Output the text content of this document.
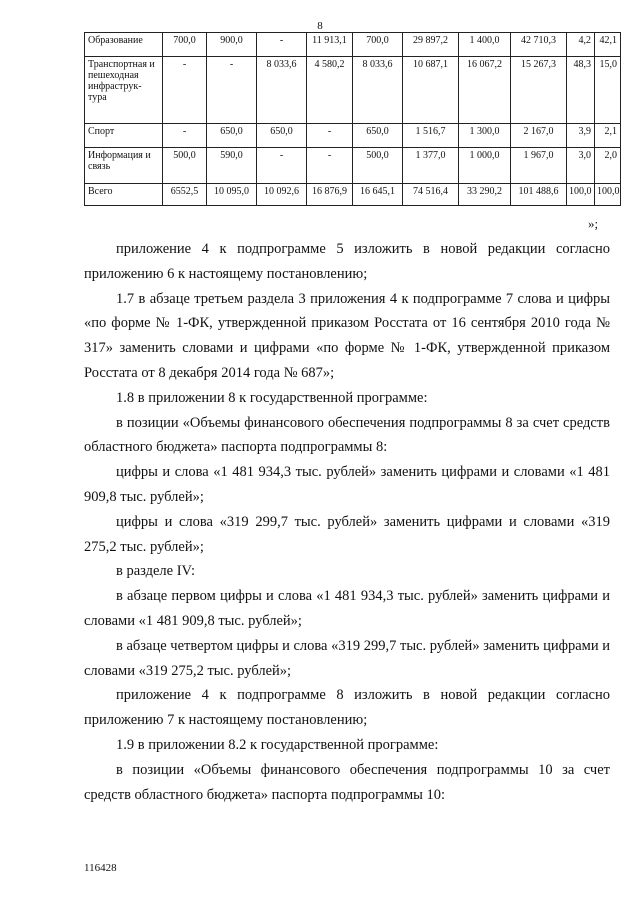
8
Образование	700,0	900,0	-	11 913,1	700,0	29 897,2	1 400,0	42 710,3	4,2	42,1
Транспортная и пешеходная инфраструк-тура	-	-	8 033,6	4 580,2	8 033,6	10 687,1	16 067,2	15 267,3	48,3	15,0
Спорт	-	650,0	650,0	-	650,0	1 516,7	1 300,0	2 167,0	3,9	2,1
Информация и связь	500,0	590,0	-	-	500,0	1 377,0	1 000,0	1 967,0	3,0	2,0
Всего	6552,5	10 095,0	10 092,6	16 876,9	16 645,1	74 516,4	33 290,2	101 488,6	100,0	100,0
»;

приложение 4 к подпрограмме 5 изложить в новой редакции согласно приложению 6 к настоящему постановлению;

1.7 в абзаце третьем раздела 3 приложения 4 к подпрограмме 7 слова и цифры «по форме № 1-ФК, утвержденной приказом Росстата от 16 сентября 2010 года № 317» заменить словами и цифрами «по форме № 1-ФК, утвержденной приказом Росстата от 8 декабря 2014 года № 687»;

1.8 в приложении 8 к государственной программе:

в позиции «Объемы финансового обеспечения подпрограммы 8 за счет средств областного бюджета» паспорта подпрограммы 8:

цифры и слова «1 481 934,3 тыс. рублей» заменить цифрами и словами «1 481 909,8 тыс. рублей»;

цифры и слова «319 299,7 тыс. рублей» заменить цифрами и словами «319 275,2 тыс. рублей»;

в разделе IV:

в абзаце первом цифры и слова «1 481 934,3 тыс. рублей» заменить цифрами и словами «1 481 909,8 тыс. рублей»;

в абзаце четвертом цифры и слова «319 299,7 тыс. рублей» заменить цифрами и словами «319 275,2 тыс. рублей»;

приложение 4 к подпрограмме 8 изложить в новой редакции согласно приложению 7 к настоящему постановлению;

1.9 в приложении 8.2 к государственной программе:

в позиции «Объемы финансового обеспечения подпрограммы 10 за счет средств областного бюджета» паспорта подпрограммы 10:

116428
